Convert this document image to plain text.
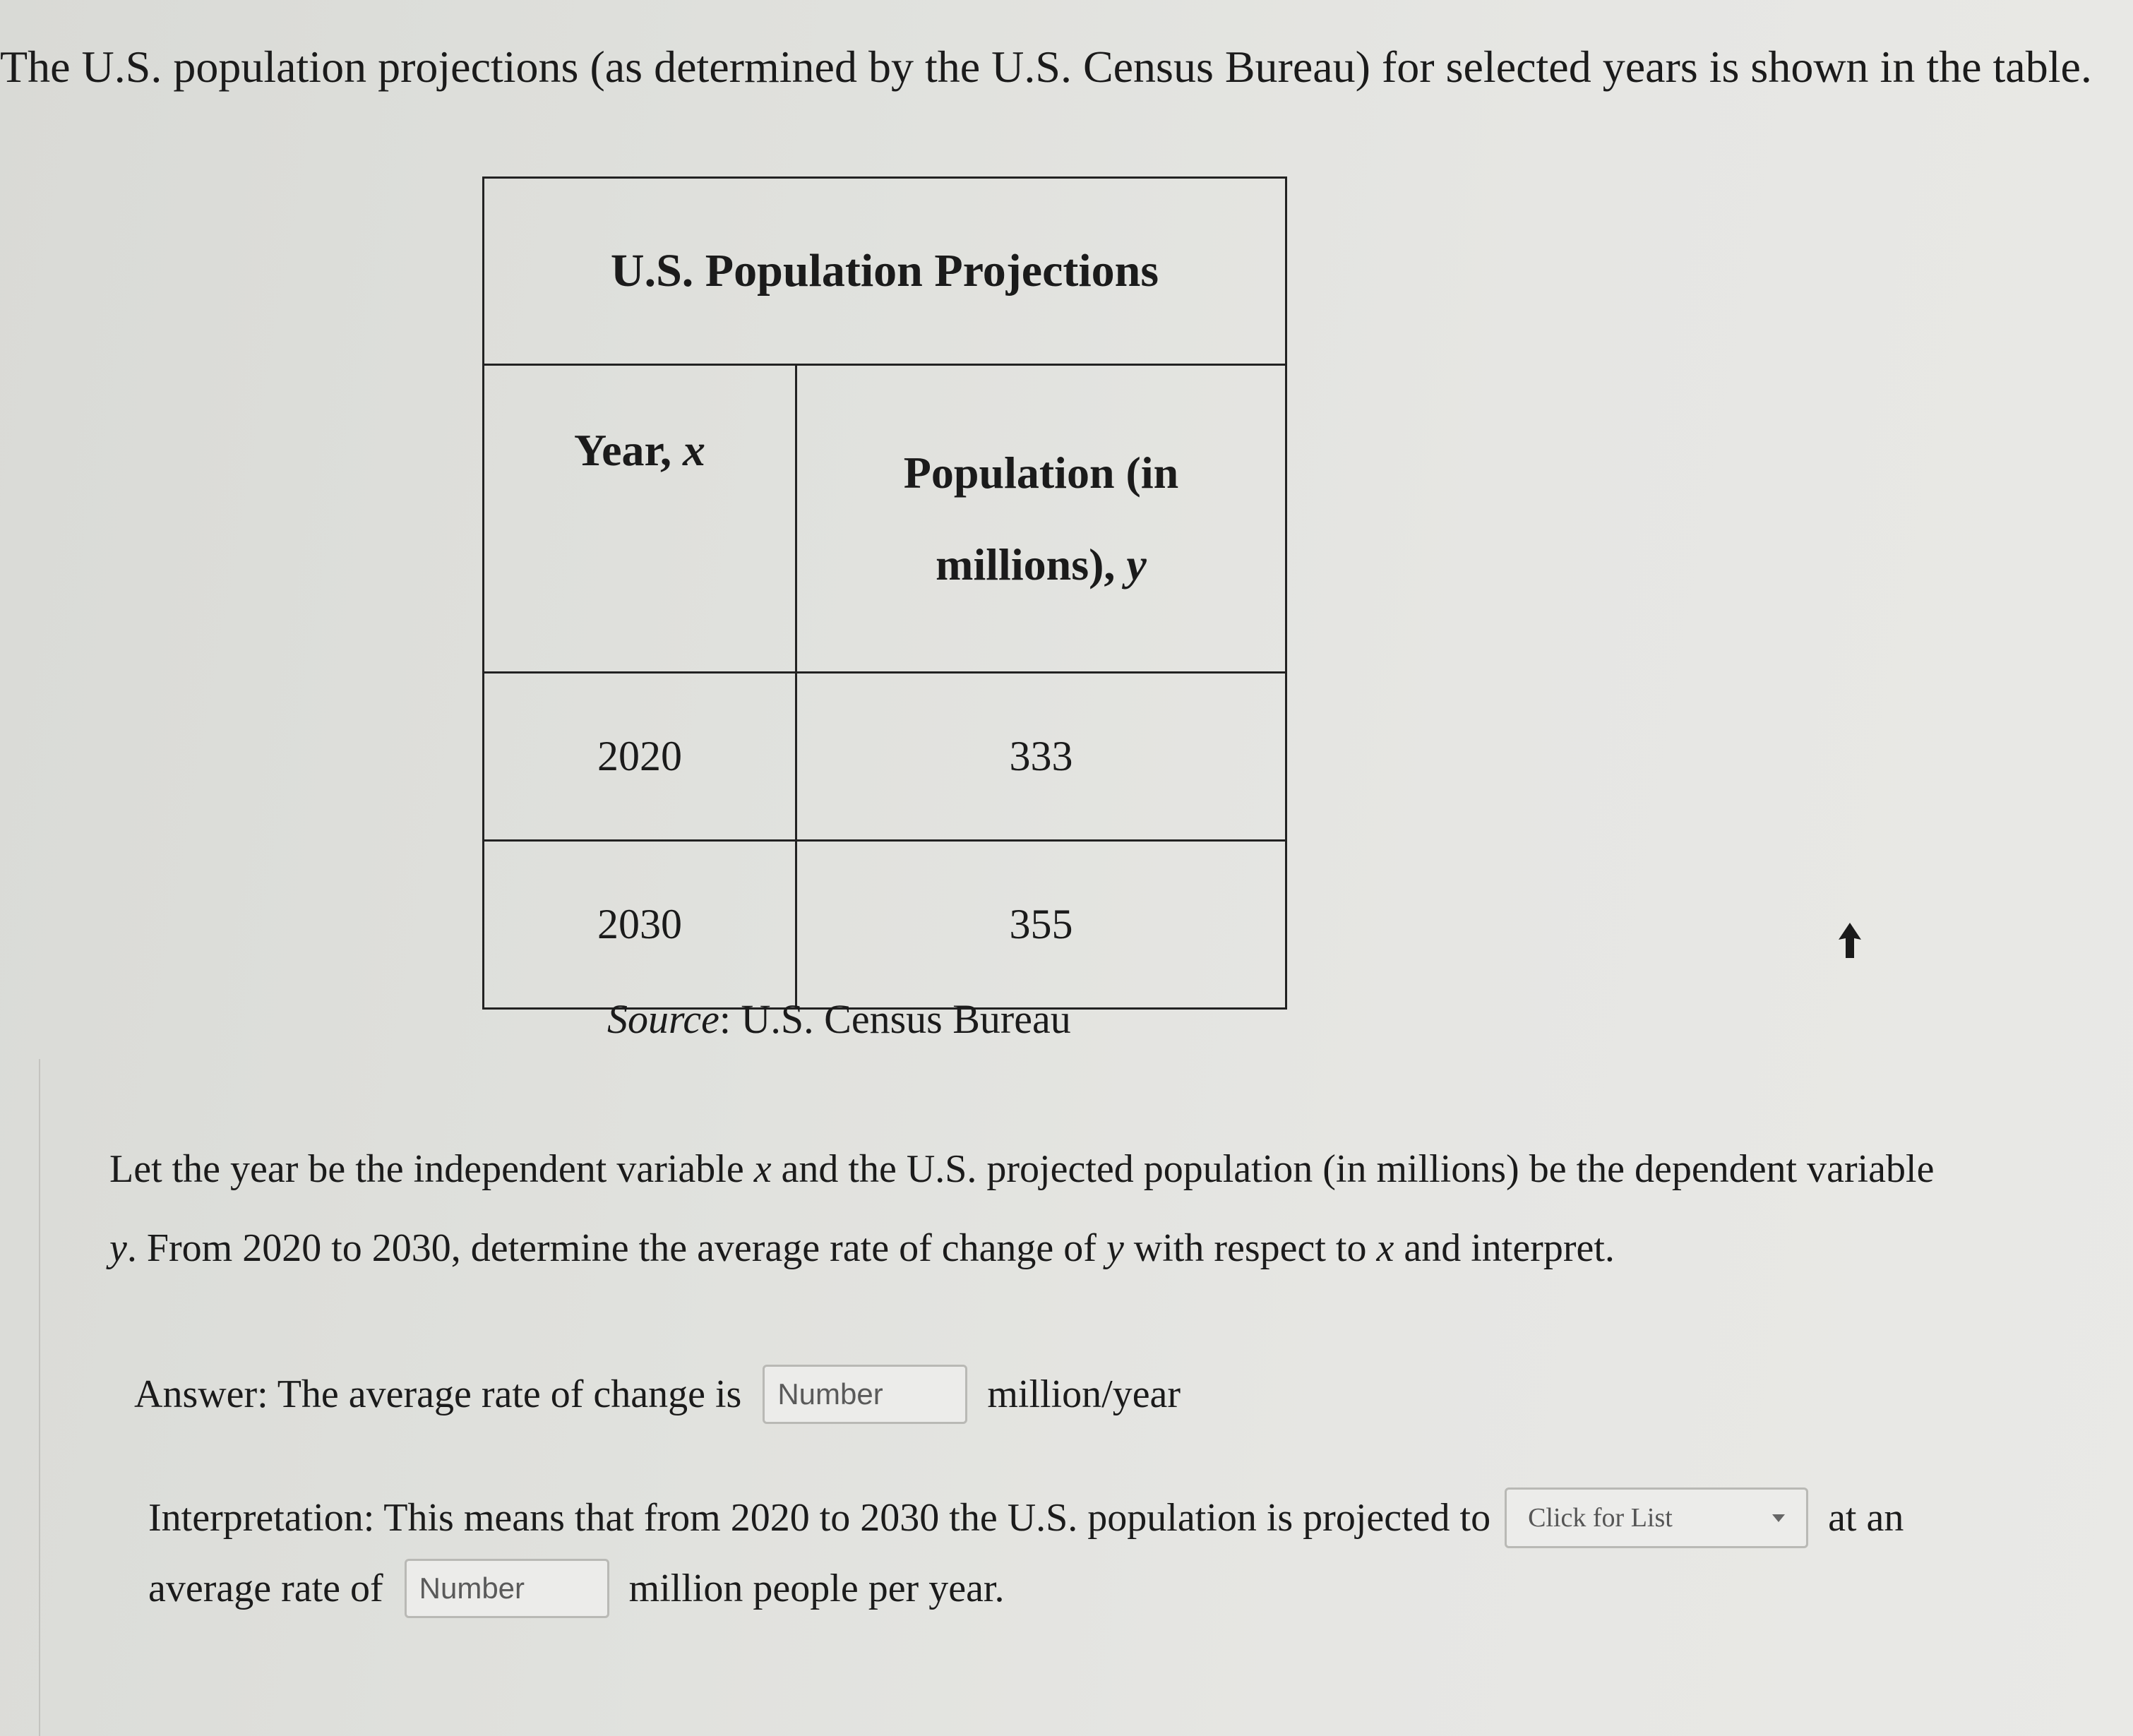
The U.S. population projections (as determined by the U.S. Census Bureau) for selected years is shown in the table.
U.S. Population Projections	
Year, x	Population (in
millions), y

2020	333
2030	355
Source: U.S. Census Bureau
Let the year be the independent variable x and the U.S. projected population (in millions) be the dependent variable y. From 2020 to 2030, determine the average rate of change of y with respect to x and interpret.
Answer: The average rate of change is	Number	million/year
Interpretation: This means that from 2020 to 2030 the U.S. population is projected to Click for List	at an
average rate of	Number	million people per year.
